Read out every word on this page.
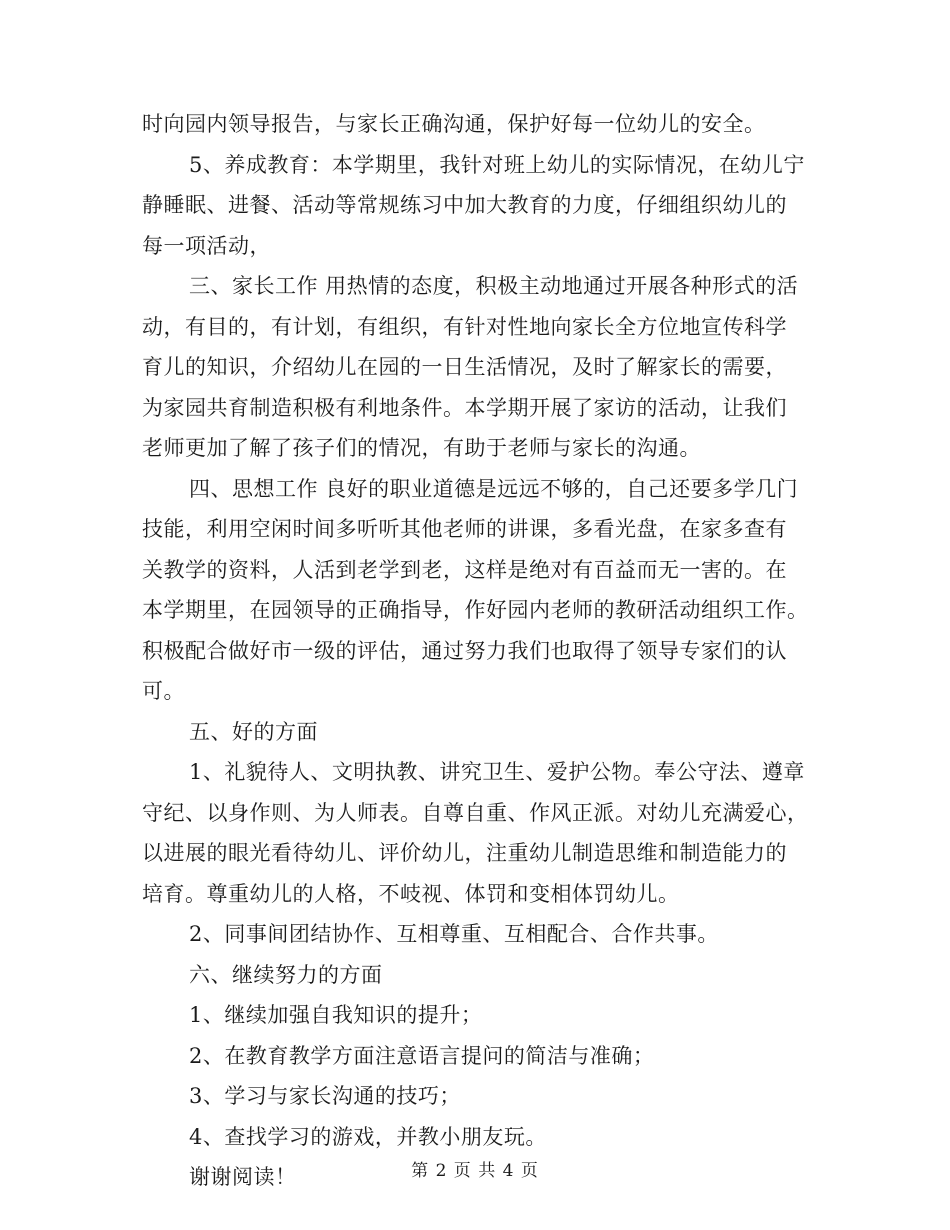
时向园内领导报告，与家长正确沟通，保护好每一位幼儿的安全。
5、养成教育：本学期里，我针对班上幼儿的实际情况，在幼儿宁
静睡眠、进餐、活动等常规练习中加大教育的力度，仔细组织幼儿的
每一项活动，
三、家长工作 用热情的态度，积极主动地通过开展各种形式的活
动，有目的，有计划，有组织，有针对性地向家长全方位地宣传科学
育儿的知识，介绍幼儿在园的一日生活情况，及时了解家长的需要，
为家园共育制造积极有利地条件。本学期开展了家访的活动，让我们
老师更加了解了孩子们的情况，有助于老师与家长的沟通。
四、思想工作 良好的职业道德是远远不够的，自己还要多学几门
技能，利用空闲时间多听听其他老师的讲课，多看光盘，在家多查有
关教学的资料，人活到老学到老，这样是绝对有百益而无一害的。在
本学期里，在园领导的正确指导，作好园内老师的教研活动组织工作。
积极配合做好市一级的评估，通过努力我们也取得了领导专家们的认
可。
五、好的方面
1、礼貌待人、文明执教、讲究卫生、爱护公物。奉公守法、遵章
守纪、以身作则、为人师表。自尊自重、作风正派。对幼儿充满爱心，
以进展的眼光看待幼儿、评价幼儿，注重幼儿制造思维和制造能力的
培育。尊重幼儿的人格，不岐视、体罚和变相体罚幼儿。
2、同事间团结协作、互相尊重、互相配合、合作共事。
六、继续努力的方面
1、继续加强自我知识的提升；
2、在教育教学方面注意语言提问的简洁与准确；
3、学习与家长沟通的技巧；
4、查找学习的游戏，并教小朋友玩。
谢谢阅读！	第 2 页 共 4 页
